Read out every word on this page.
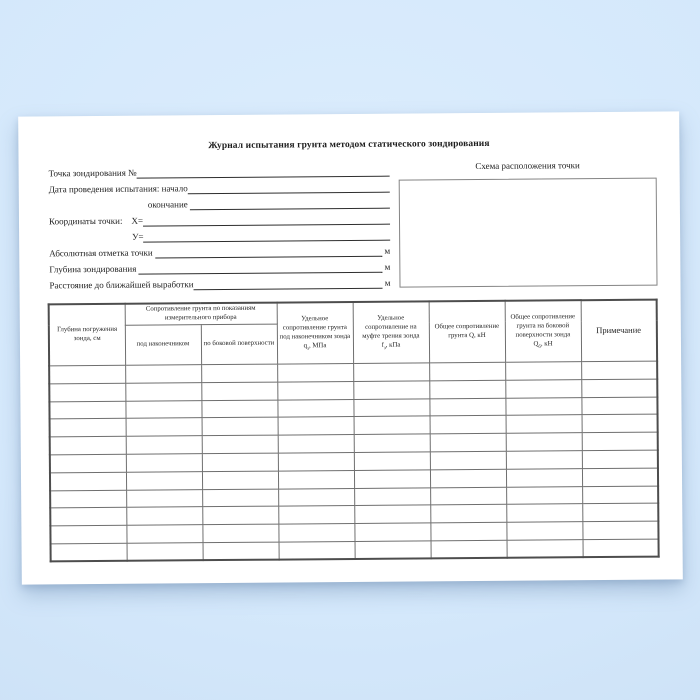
Журнал испытания грунта методом статического зондирования
Точка зондирования №
Дата проведения испытания: начало
окончание
Координаты точки:    Х=
У=
Абсолютная отметка точки	м
Глубина зондирования	м
Расстояние до ближайшей выработки	м
Схема расположения точки
Глубина погружения зонда, см	Сопротивление грунта по показаниям измерительного прибора		Удельное сопротивление грунта под наконечником зонда $q_з$, МПа	Удельное сопротивление на муфте трения зонда $f_з$, кПа	Общее сопротивление грунта Q, кН	Общее сопротивление грунта на боковой поверхности зонда $Q_б$, кН	Примечание
	под наконечником	по боковой поверхности					
